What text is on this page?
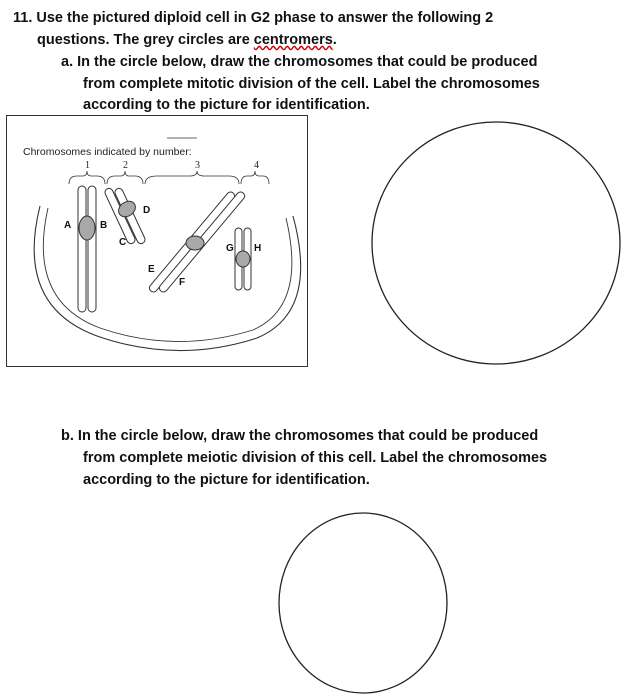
11. Use the pictured diploid cell in G2 phase to answer the following 2

questions. The grey circles are centromers.

a. In the circle below, draw the chromosomes that could be produced

from complete mitotic division of the cell. Label the chromosomes

according to the picture for identification.

Chromosomes indicated by number:
1	2	3	4
A	B
C
D
E
F
G H

b. In the circle below, draw the chromosomes that could be produced

from complete meiotic division of this cell. Label the chromosomes

according to the picture for identification.
